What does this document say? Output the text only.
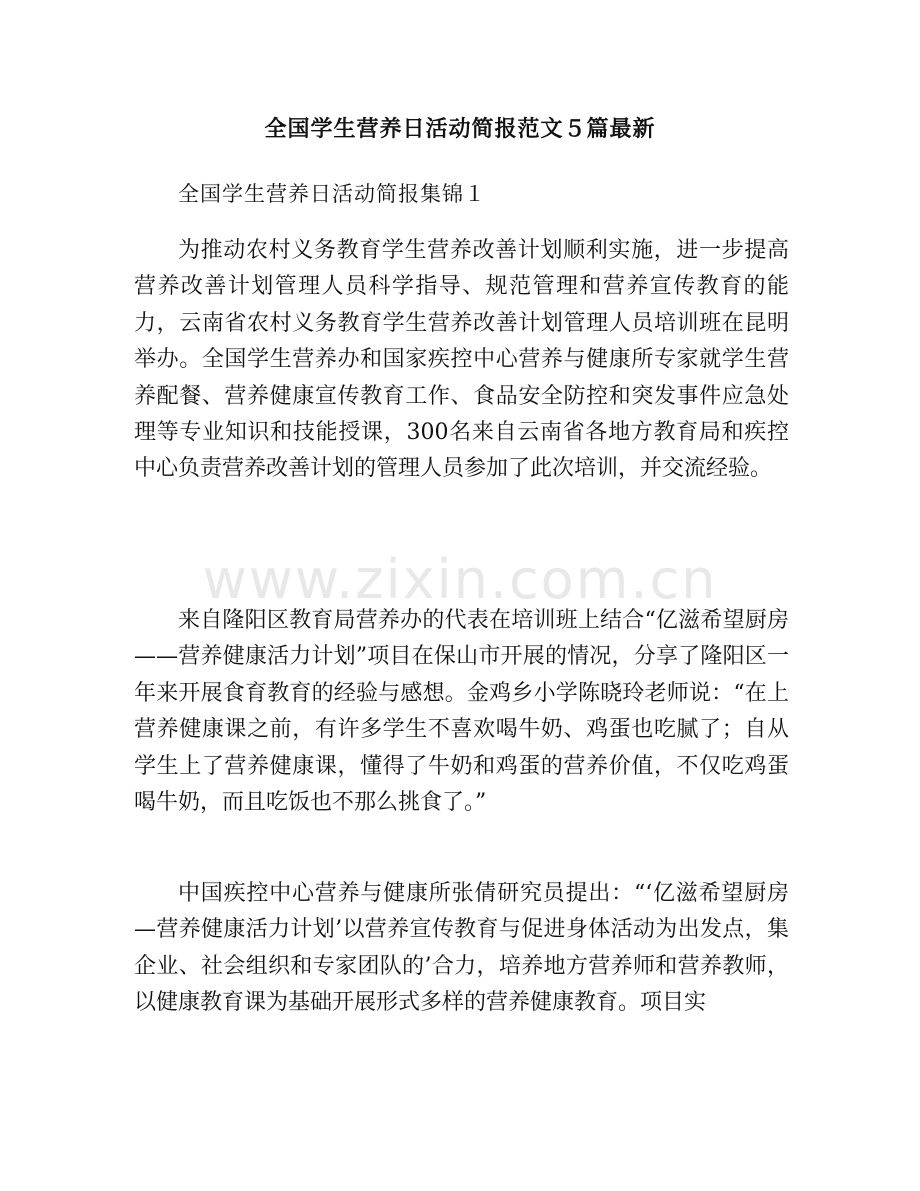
全国学生营养日活动简报范文５篇最新

全国学生营养日活动简报集锦１

为推动农村义务教育学生营养改善计划顺利实施，进一步提高营养改善计划管理人员科学指导、规范管理和营养宣传教育的能力，云南省农村义务教育学生营养改善计划管理人员培训班在昆明举办。全国学生营养办和国家疾控中心营养与健康所专家就学生营养配餐、营养健康宣传教育工作、食品安全防控和突发事件应急处理等专业知识和技能授课，300名来自云南省各地方教育局和疾控中心负责营养改善计划的管理人员参加了此次培训，并交流经验。

来自隆阳区教育局营养办的代表在培训班上结合“亿滋希望厨房——营养健康活力计划”项目在保山市开展的情况，分享了隆阳区一年来开展食育教育的经验与感想。金鸡乡小学陈晓玲老师说：“在上营养健康课之前，有许多学生不喜欢喝牛奶、鸡蛋也吃腻了；自从学生上了营养健康课，懂得了牛奶和鸡蛋的营养价值，不仅吃鸡蛋喝牛奶，而且吃饭也不那么挑食了。”

中国疾控中心营养与健康所张倩研究员提出：“‘亿滋希望厨房—营养健康活力计划’以营养宣传教育与促进身体活动为出发点，集企业、社会组织和专家团队的’合力，培养地方营养师和营养教师，以健康教育课为基础开展形式多样的营养健康教育。项目实

www.zixin.com.cn
